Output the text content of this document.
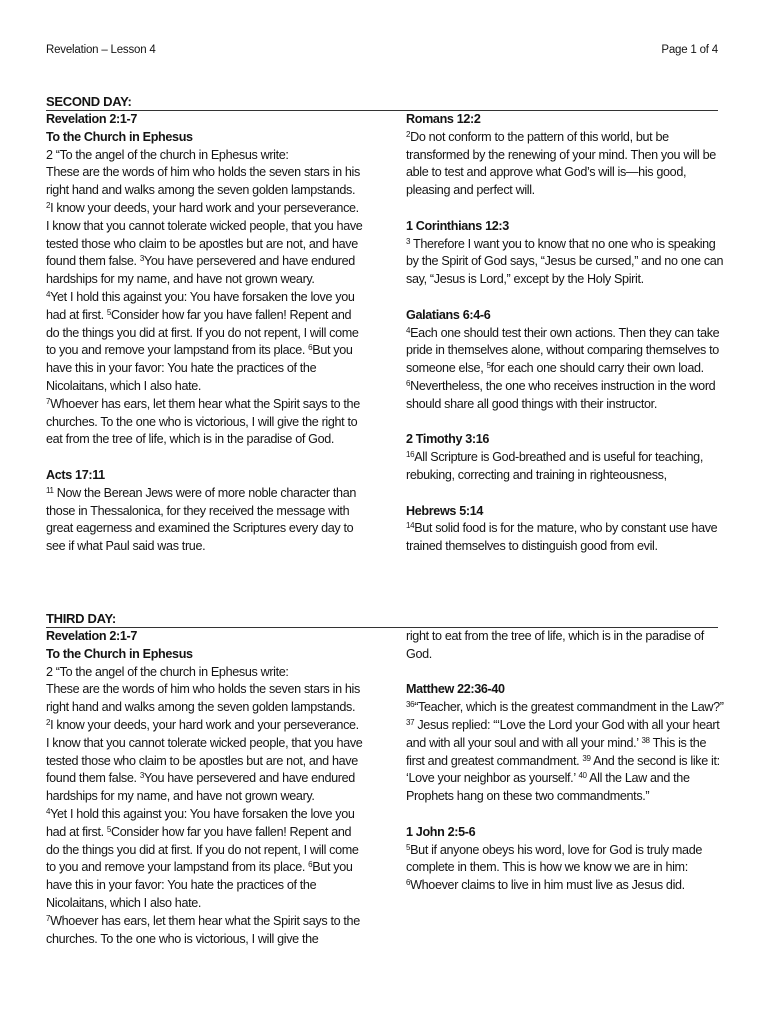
Revelation – Lesson 4	Page 1 of 4
SECOND DAY:
Revelation 2:1-7
To the Church in Ephesus

2 “To the angel of the church in Ephesus write:

These are the words of him who holds the seven stars in his right hand and walks among the seven golden lampstands. $^2$I know your deeds, your hard work and your perseverance. I know that you cannot tolerate wicked people, that you have tested those who claim to be apostles but are not, and have found them false. $^3$You have persevered and have endured hardships for my name, and have not grown weary.

$^4$Yet I hold this against you: You have forsaken the love you had at first. $^5$Consider how far you have fallen! Repent and do the things you did at first. If you do not repent, I will come to you and remove your lampstand from its place. $^6$But you have this in your favor: You hate the practices of the Nicolaitans, which I also hate.

$^7$Whoever has ears, let them hear what the Spirit says to the churches. To the one who is victorious, I will give the right to eat from the tree of life, which is in the paradise of God.

Acts 17:11

$^{11}$ Now the Berean Jews were of more noble character than those in Thessalonica, for they received the message with great eagerness and examined the Scriptures every day to see if what Paul said was true.

Romans 12:2

$^2$Do not conform to the pattern of this world, but be transformed by the renewing of your mind. Then you will be able to test and approve what God’s will is—his good, pleasing and perfect will.

1 Corinthians 12:3

$^3$ Therefore I want you to know that no one who is speaking by the Spirit of God says, “Jesus be cursed,” and no one can say, “Jesus is Lord,” except by the Holy Spirit.

Galatians 6:4-6

$^4$Each one should test their own actions. Then they can take pride in themselves alone, without comparing themselves to someone else, $^5$for each one should carry their own load. $^6$Nevertheless, the one who receives instruction in the word should share all good things with their instructor.

2 Timothy 3:16

$^{16}$All Scripture is God-breathed and is useful for teaching, rebuking, correcting and training in righteousness,

Hebrews 5:14

$^{14}$But solid food is for the mature, who by constant use have trained themselves to distinguish good from evil.

THIRD DAY:
Revelation 2:1-7
To the Church in Ephesus

2 “To the angel of the church in Ephesus write:

These are the words of him who holds the seven stars in his right hand and walks among the seven golden lampstands. $^2$I know your deeds, your hard work and your perseverance. I know that you cannot tolerate wicked people, that you have tested those who claim to be apostles but are not, and have found them false. $^3$You have persevered and have endured hardships for my name, and have not grown weary.

$^4$Yet I hold this against you: You have forsaken the love you had at first. $^5$Consider how far you have fallen! Repent and do the things you did at first. If you do not repent, I will come to you and remove your lampstand from its place. $^6$But you have this in your favor: You hate the practices of the Nicolaitans, which I also hate.

$^7$Whoever has ears, let them hear what the Spirit says to the churches. To the one who is victorious, I will give the

right to eat from the tree of life, which is in the paradise of God.

Matthew 22:36-40

$^{36}$“Teacher, which is the greatest commandment in the Law?”

$^{37}$ Jesus replied: “‘Love the Lord your God with all your heart and with all your soul and with all your mind.’ $^{38}$ This is the first and greatest commandment. $^{39}$ And the second is like it: ‘Love your neighbor as yourself.’ $^{40}$ All the Law and the Prophets hang on these two commandments.”

1 John 2:5-6

$^5$But if anyone obeys his word, love for God is truly made complete in them. This is how we know we are in him:

$^6$Whoever claims to live in him must live as Jesus did.
